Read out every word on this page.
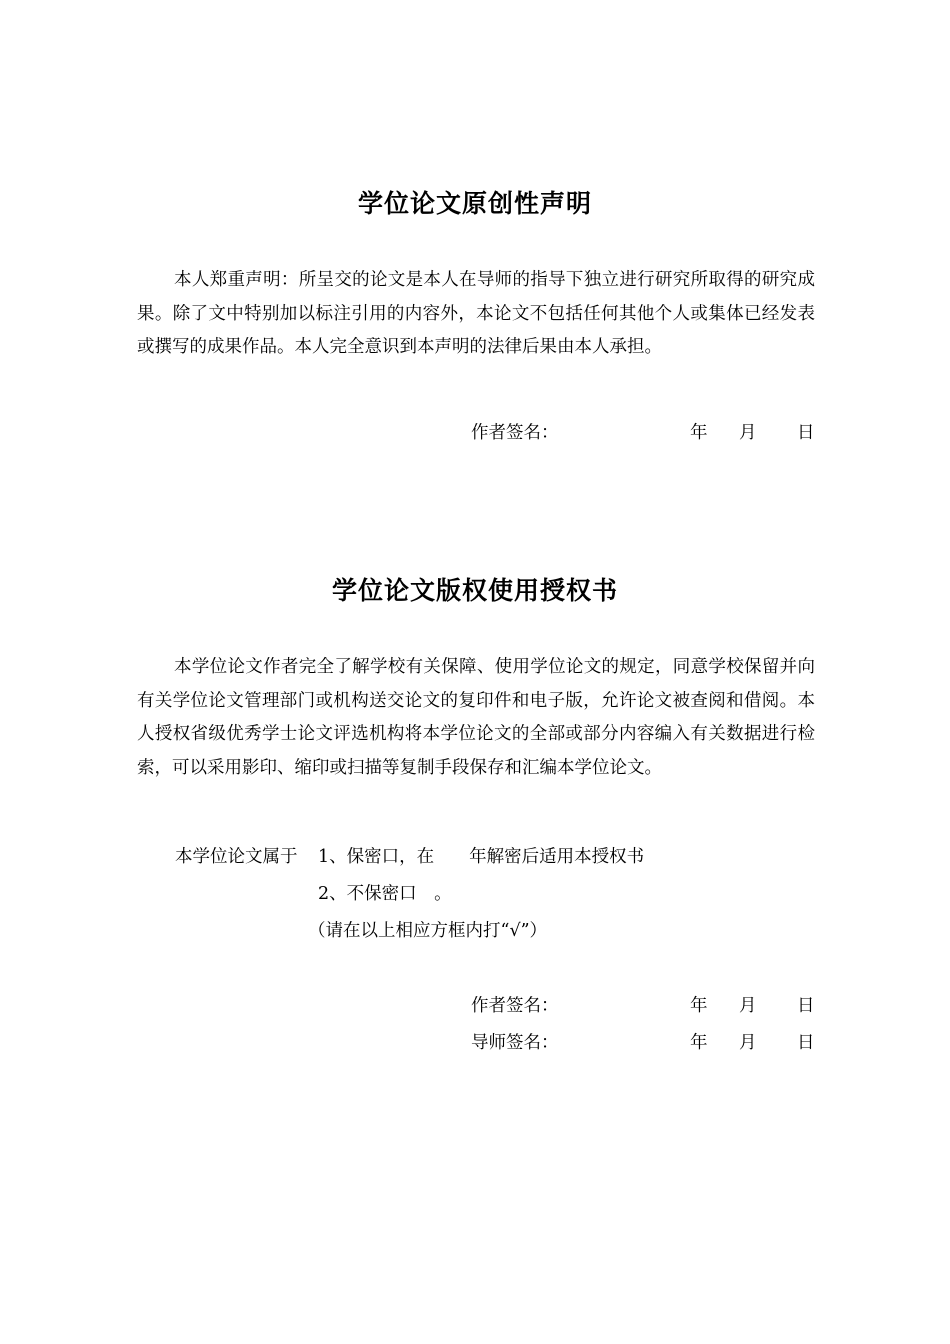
学位论文原创性声明

本人郑重声明：所呈交的论文是本人在导师的指导下独立进行研究所取得的研究成果。除了文中特别加以标注引用的内容外，本论文不包括任何其他个人或集体已经发表或撰写的成果作品。本人完全意识到本声明的法律后果由本人承担。

作者签名：	年 月 日
学位论文版权使用授权书

本学位论文作者完全了解学校有关保障、使用学位论文的规定，同意学校保留并向有关学位论文管理部门或机构送交论文的复印件和电子版，允许论文被查阅和借阅。本人授权省级优秀学士论文评选机构将本学位论文的全部或部分内容编入有关数据进行检索，可以采用影印、缩印或扫描等复制手段保存和汇编本学位论文。

本学位论文属于 1、保密口，在　　年解密后适用本授权书
2、不保密口　。
（请在以上相应方框内打“√”）
作者签名：	年 月 日
导师签名：	年 月 日
